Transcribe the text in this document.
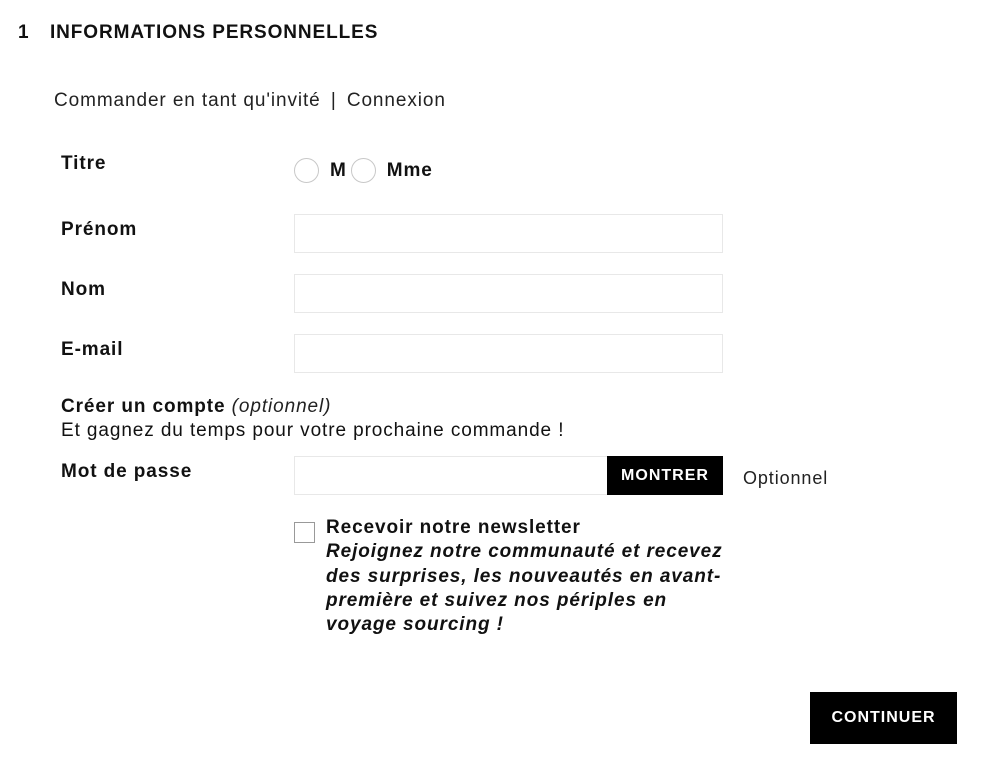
1	INFORMATIONS PERSONNELLES
Commander en tant qu'invité | Connexion
Titre	M Mme
Prénom
Nom
E-mail
Créer un compte (optionnel)
Et gagnez du temps pour votre prochaine commande !
Mot de passe	MONTRER	Optionnel
Recevoir notre newsletter
Rejoignez notre communauté et recevez des surprises, les nouveautés en avant-première et suivez nos périples en voyage sourcing !
CONTINUER
